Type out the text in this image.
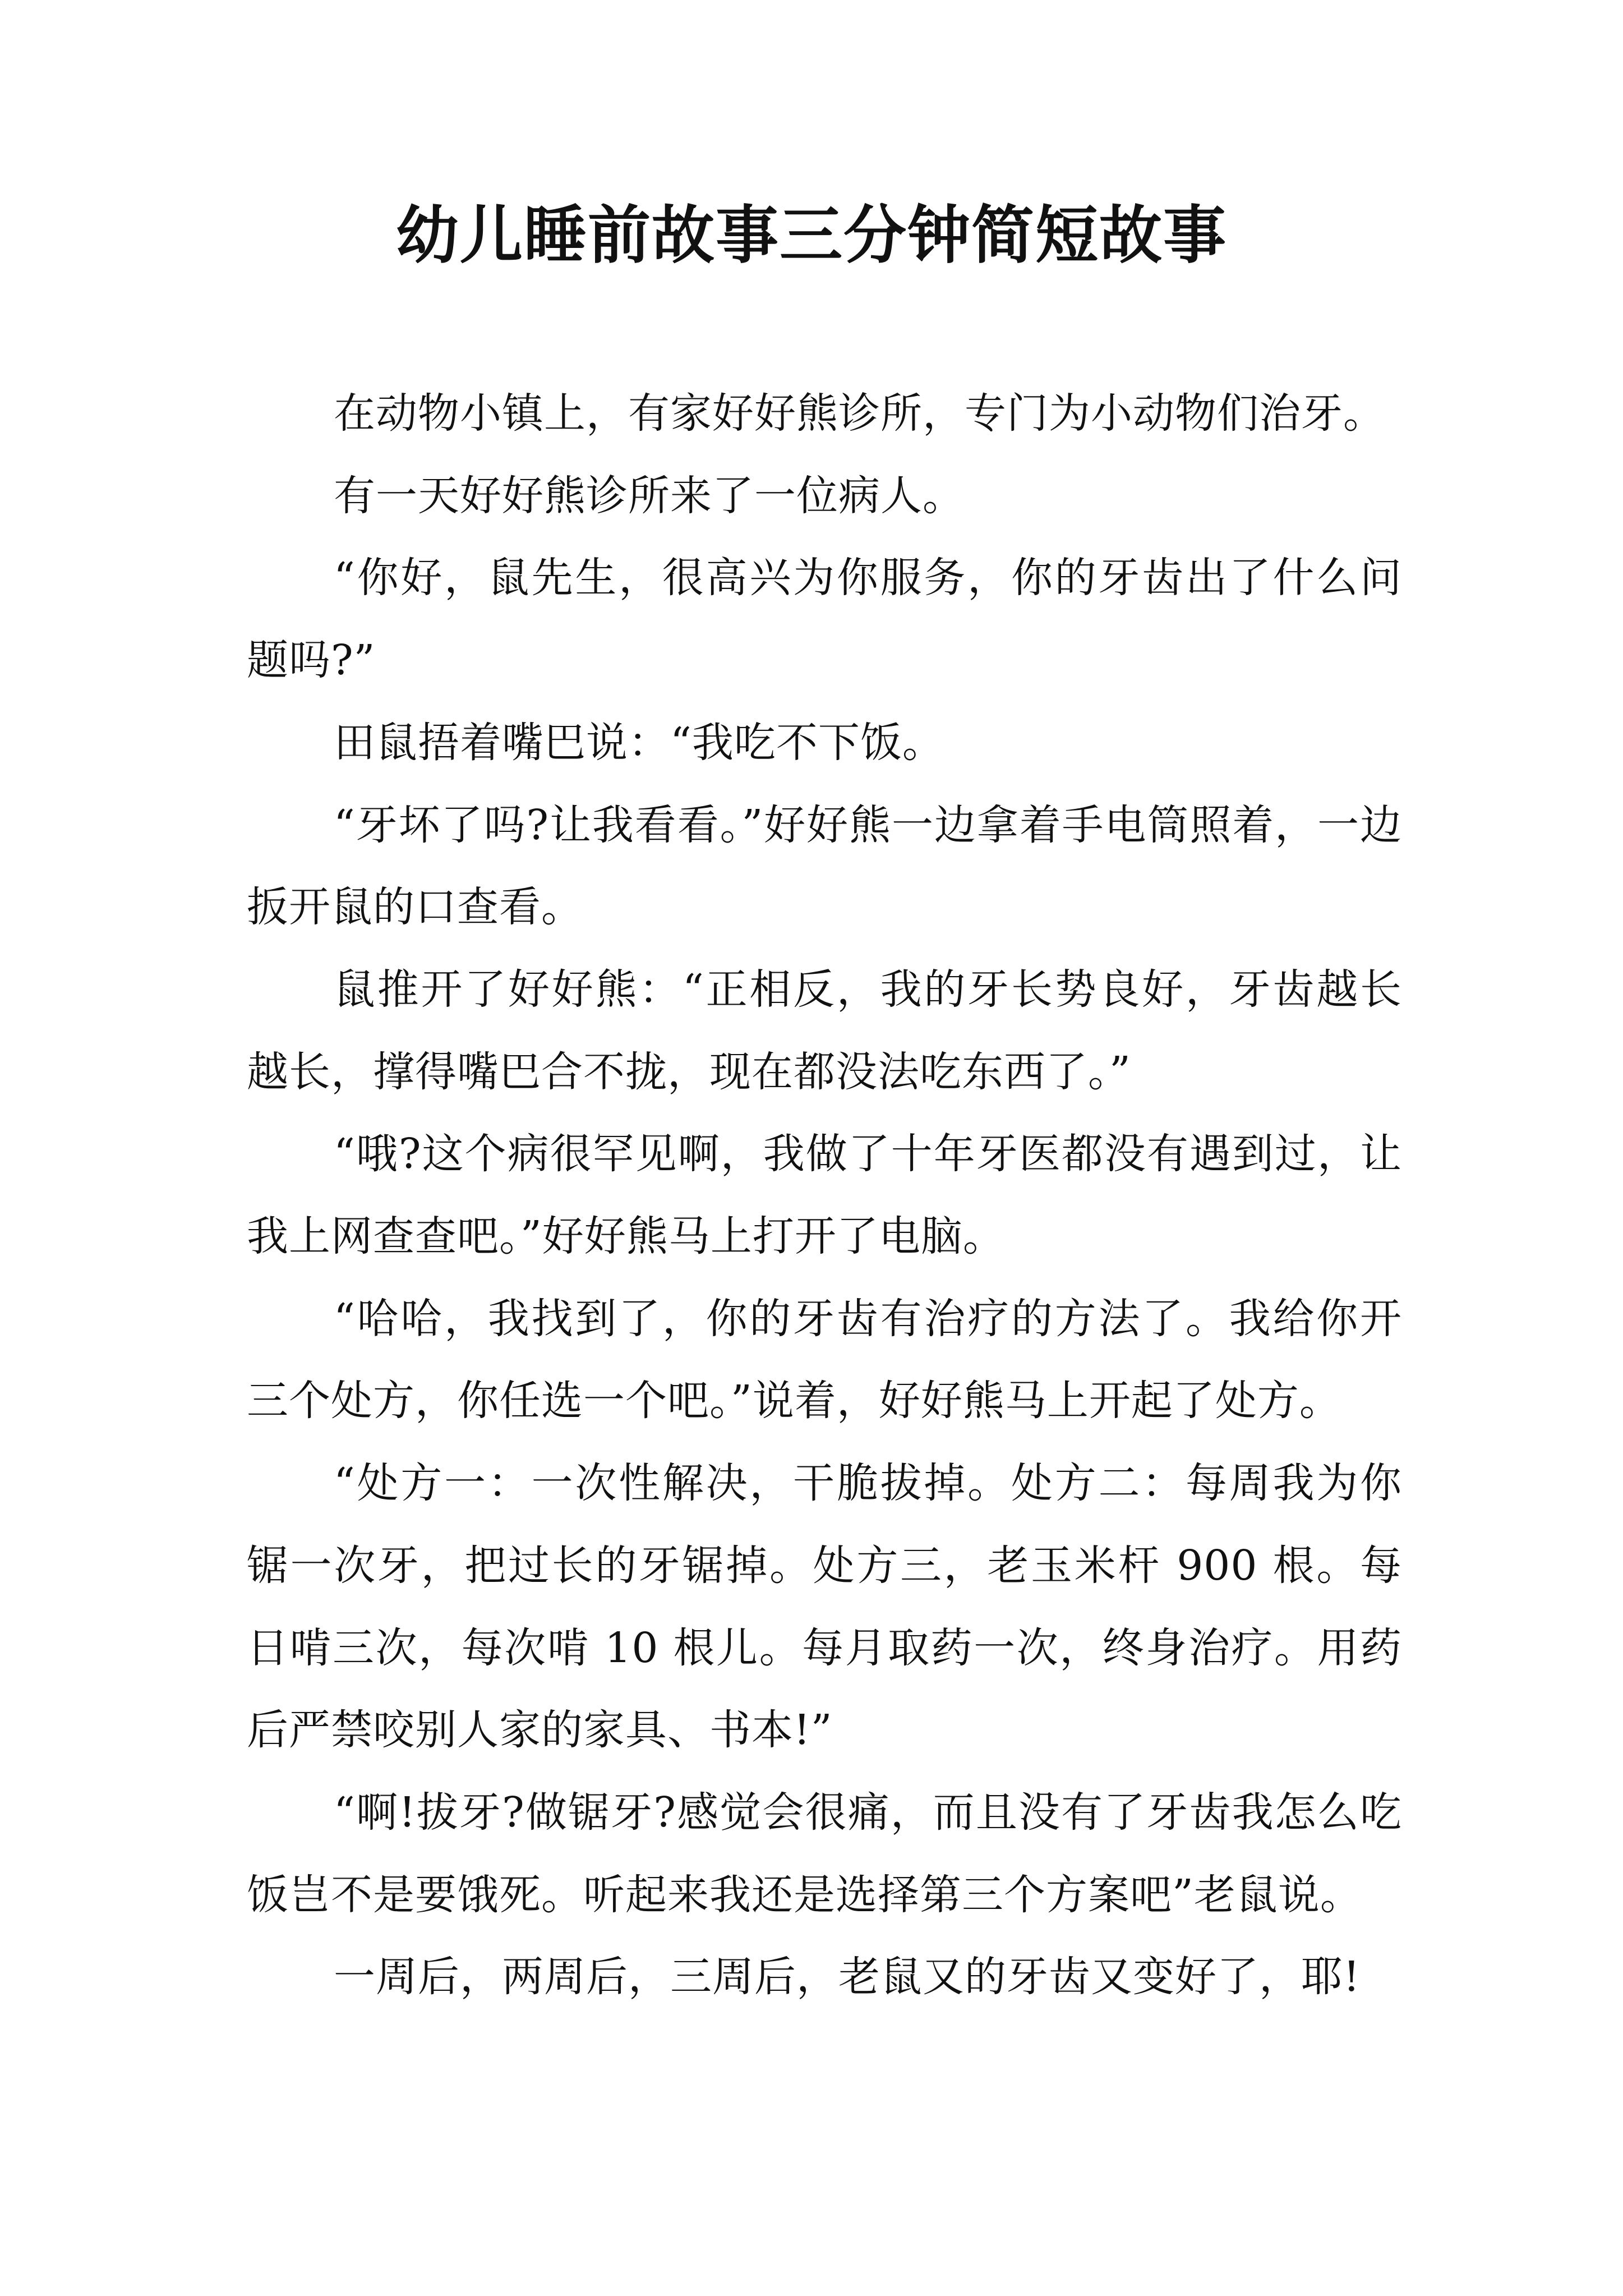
幼儿睡前故事三分钟简短故事

在动物小镇上，有家好好熊诊所，专门为小动物们治牙。

有一天好好熊诊所来了一位病人。

“你好，鼠先生，很高兴为你服务，你的牙齿出了什么问题吗?”

田鼠捂着嘴巴说：“我吃不下饭。

“牙坏了吗?让我看看。”好好熊一边拿着手电筒照着，一边扳开鼠的口查看。

鼠推开了好好熊：“正相反，我的牙长势良好，牙齿越长越长，撑得嘴巴合不拢，现在都没法吃东西了。”

“哦?这个病很罕见啊，我做了十年牙医都没有遇到过，让我上网查查吧。”好好熊马上打开了电脑。

“哈哈，我找到了，你的牙齿有治疗的方法了。我给你开三个处方，你任选一个吧。”说着，好好熊马上开起了处方。

“处方一：一次性解决，干脆拔掉。处方二：每周我为你锯一次牙，把过长的牙锯掉。处方三，老玉米杆 900 根。每日啃三次，每次啃 10 根儿。每月取药一次，终身治疗。用药后严禁咬别人家的家具、书本!”

“啊!拔牙?做锯牙?感觉会很痛，而且没有了牙齿我怎么吃饭岂不是要饿死。听起来我还是选择第三个方案吧”老鼠说。

一周后，两周后，三周后，老鼠又的牙齿又变好了，耶!
